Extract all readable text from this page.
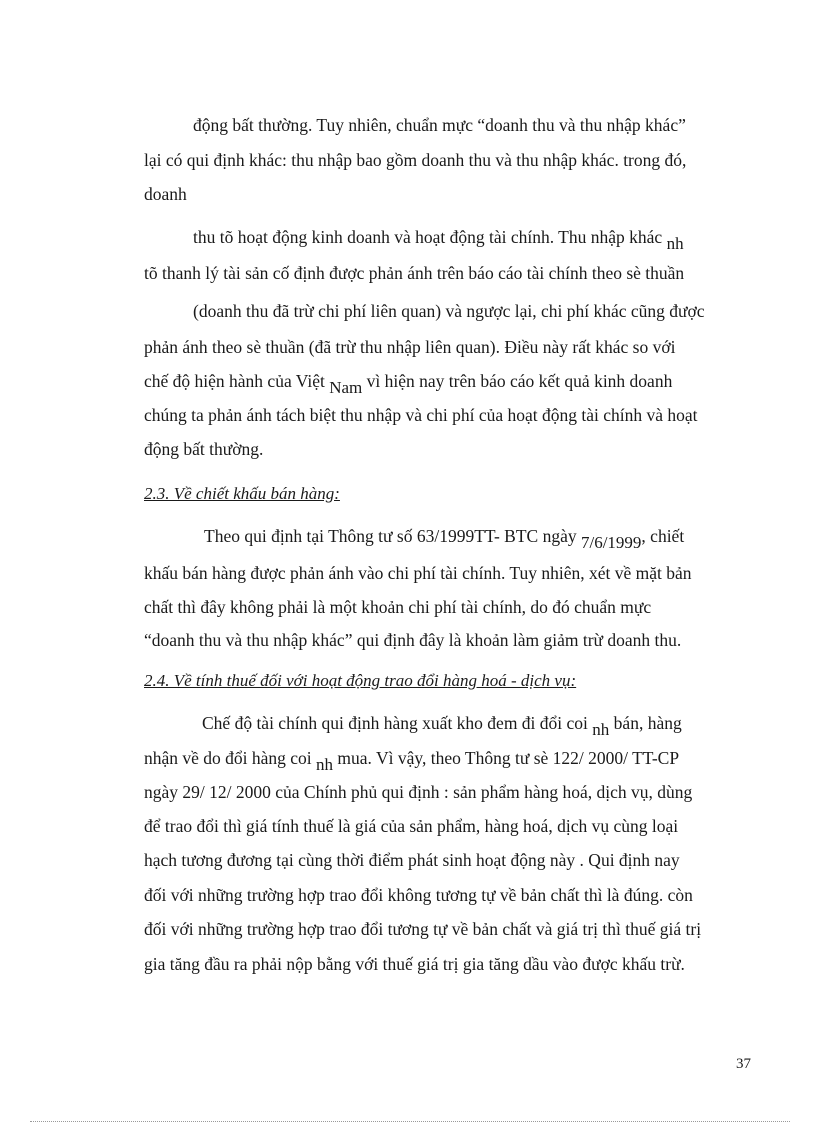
động bất thường. Tuy nhiên, chuẩn mực “doanh thu và thu nhập khác”
lại có qui định khác: thu nhập bao gồm doanh thu và thu nhập khác. trong đó,
doanh
thu tõ hoạt động kinh doanh và hoạt động tài chính. Thu nhập khác nh
tõ thanh lý tài sản cố định được phản ánh trên báo cáo tài chính theo sè thuần
(doanh thu đã trừ chi phí liên quan) và ngược lại, chi phí khác cũng được
phản ánh theo sè thuần (đã trừ thu nhập liên quan). Điều này rất khác so với
chế độ hiện hành của Việt Nam vì hiện nay trên báo cáo kết quả kinh doanh
chúng ta phản ánh tách biệt thu nhập và chi phí của hoạt động tài chính và hoạt
động bất thường.
2.3. Về chiết khấu bán hàng:
Theo qui định tại Thông tư số 63/1999TT- BTC ngày 7/6/1999, chiết
khấu bán hàng được phản ánh vào chi phí tài chính. Tuy nhiên, xét về mặt bản
chất thì đây không phải là một khoản chi phí tài chính, do đó chuẩn mực
“doanh thu và thu nhập khác” qui định đây là khoản làm giảm trừ doanh thu.
2.4. Về tính thuế đối với hoạt động trao đổi hàng hoá - dịch vụ:
Chế độ tài chính qui định hàng xuất kho đem đi đổi coi nh bán, hàng
nhận về do đổi hàng coi nh mua. Vì vậy, theo Thông tư sè 122/ 2000/ TT-CP
ngày 29/ 12/ 2000 của Chính phủ qui định : sản phẩm hàng hoá, dịch vụ, dùng
để trao đổi thì giá tính thuế là giá của sản phẩm, hàng hoá, dịch vụ cùng loại
hạch tương đương tại cùng thời điểm phát sinh hoạt động này . Qui định nay
đối với những trường hợp trao đổi không tương tự về bản chất thì là đúng. còn
đối với những trường hợp trao đổi tương tự về bản chất và giá trị thì thuế giá trị
gia tăng đầu ra phải nộp bằng với thuế giá trị gia tăng dầu vào được khấu trừ.
37
